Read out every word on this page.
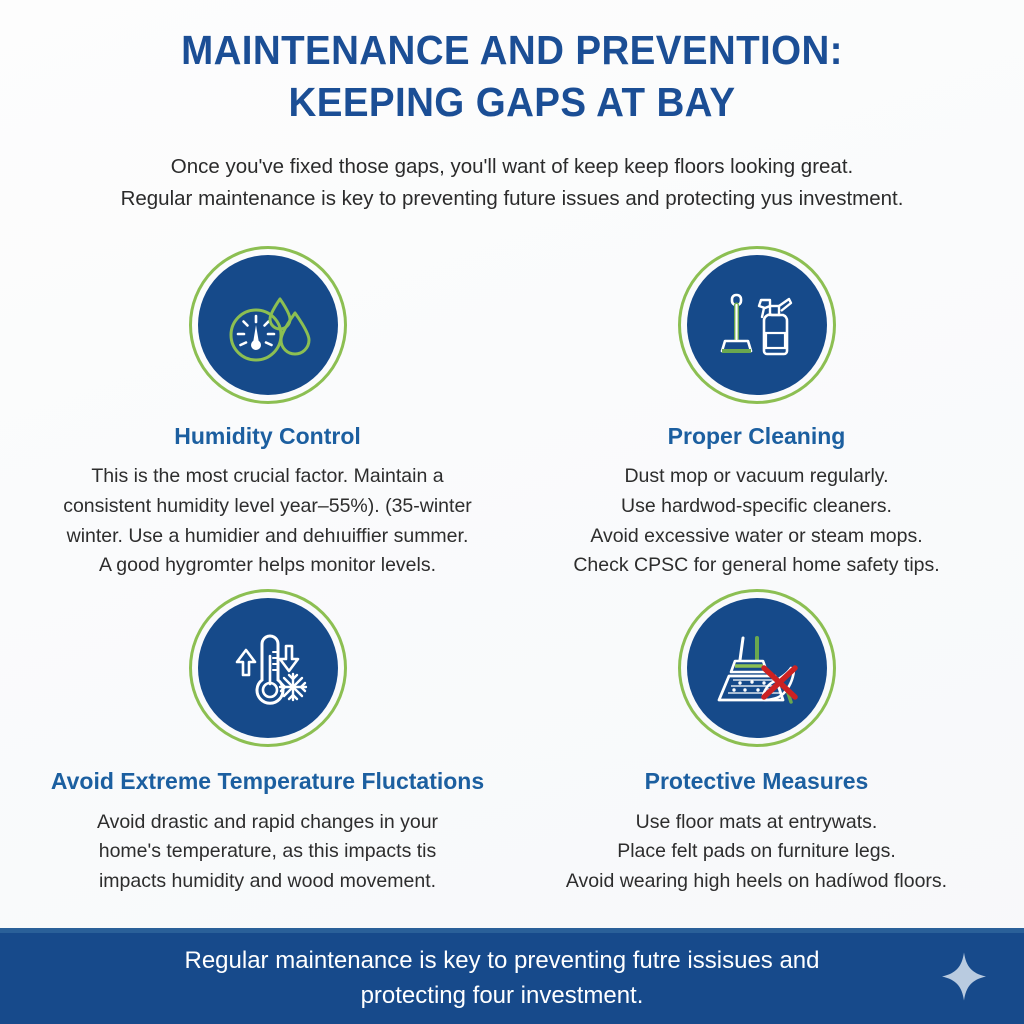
MAINTENANCE AND PREVENTION:
KEEPING GAPS AT BAY

Once you've fixed those gaps, you'll want of keep keep floors looking great.
Regular maintenance is key to preventing future issues and protecting yus investment.

Humidity Control
This is the most crucial factor. Maintain a
consistent humidity level year–55%). (35-winter
winter. Use a humidier and dehıuiffier summer.
A good hygromter helps monitor levels.
Proper Cleaning
Dust mop or vacuum regularly.
Use hardwod-specific cleaners.
Avoid excessive water or steam mops.
Check CPSC for general home safety tips.
Avoid Extreme Temperature Fluctations
Avoid drastic and rapid changes in your
home's temperature, as this impacts tis
impacts humidity and wood movement.
Protective Measures
Use floor mats at entrywats.
Place felt pads on furniture legs.
Avoid wearing high heels on hadíwod floors.
Regular maintenance is key to preventing futre issisues and
protecting four investment.
